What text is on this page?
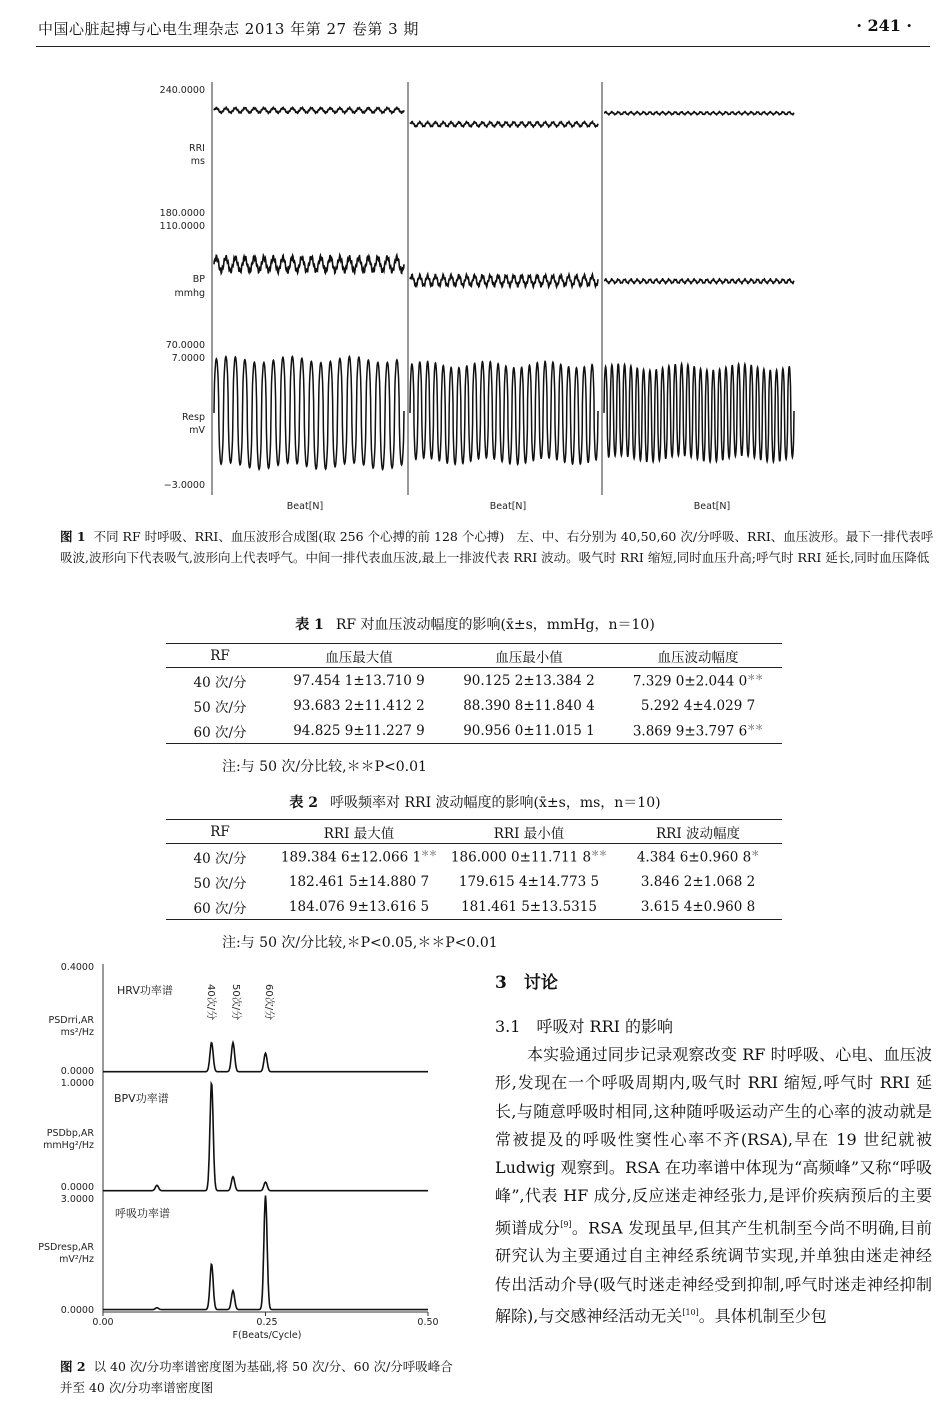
中国心脏起搏与心电生理杂志 2013 年第 27 卷第 3 期	· 241 ·
240.0000
RRI
ms
180.0000
110.0000
BP
mmhg
70.0000
7.0000
Resp
mV
−3.0000
Beat[N]	Beat[N]	Beat[N]
图 1 不同 RF 时呼吸、RRI、血压波形合成图(取 256 个心搏的前 128 个心搏)　左、中、右分别为 40,50,60 次/分呼吸、RRI、血压波形。最下一排代表呼吸波,波形向下代表吸气,波形向上代表呼气。中间一排代表血压波,最上一排波代表 RRI 波动。吸气时 RRI 缩短,同时血压升高;呼气时 RRI 延长,同时血压降低
表 1 RF 对血压波动幅度的影响(x̄±s，mmHg，n＝10)
RF	血压最大值	血压最小值	血压波动幅度
40 次/分	97.454 1±13.710 9	90.125 2±13.384 2	7.329 0±2.044 0＊＊
50 次/分	93.683 2±11.412 2	88.390 8±11.840 4	5.292 4±4.029 7
60 次/分	94.825 9±11.227 9	90.956 0±11.015 1	3.869 9±3.797 6＊＊
注:与 50 次/分比较,＊＊P<0.01
表 2 呼吸频率对 RRI 波动幅度的影响(x̄±s，ms，n＝10)
RF	RRI 最大值	RRI 最小值	RRI 波动幅度
40 次/分	189.384 6±12.066 1＊＊	186.000 0±11.711 8＊＊	4.384 6±0.960 8＊
50 次/分	182.461 5±14.880 7	179.615 4±14.773 5	3.846 2±1.068 2
60 次/分	184.076 9±13.616 5	181.461 5±13.5315	3.615 4±0.960 8
注:与 50 次/分比较,＊P<0.05,＊＊P<0.01
0.4000
PSDrri,AR
ms²/Hz
0.0000
1.0000
PSDbp,AR
mmHg²/Hz
0.0000
3.0000
PSDresp,AR
mV²/Hz
0.0000
0.00	0.25	0.50
F(Beats/Cycle)
HRV功率谱
BPV功率谱
呼吸功率谱
40次/分 50次/分 60次/分
图 2 以 40 次/分功率谱密度图为基础,将 50 次/分、60 次/分呼吸峰合并至 40 次/分功率谱密度图
3　讨论
3.1　呼吸对 RRI 的影响
本实验通过同步记录观察改变 RF 时呼吸、心电、血压波形,发现在一个呼吸周期内,吸气时 RRI 缩短,呼气时 RRI 延长,与随意呼吸时相同,这种随呼吸运动产生的心率的波动就是常被提及的呼吸性窦性心率不齐(RSA),早在 19 世纪就被 Ludwig 观察到。RSA 在功率谱中体现为“高频峰”又称“呼吸峰”,代表 HF 成分,反应迷走神经张力,是评价疾病预后的主要频谱成分[9]。RSA 发现虽早,但其产生机制至今尚不明确,目前研究认为主要通过自主神经系统调节实现,并单独由迷走神经传出活动介导(吸气时迷走神经受到抑制,呼气时迷走神经抑制解除),与交感神经活动无关[10]。具体机制至少包
